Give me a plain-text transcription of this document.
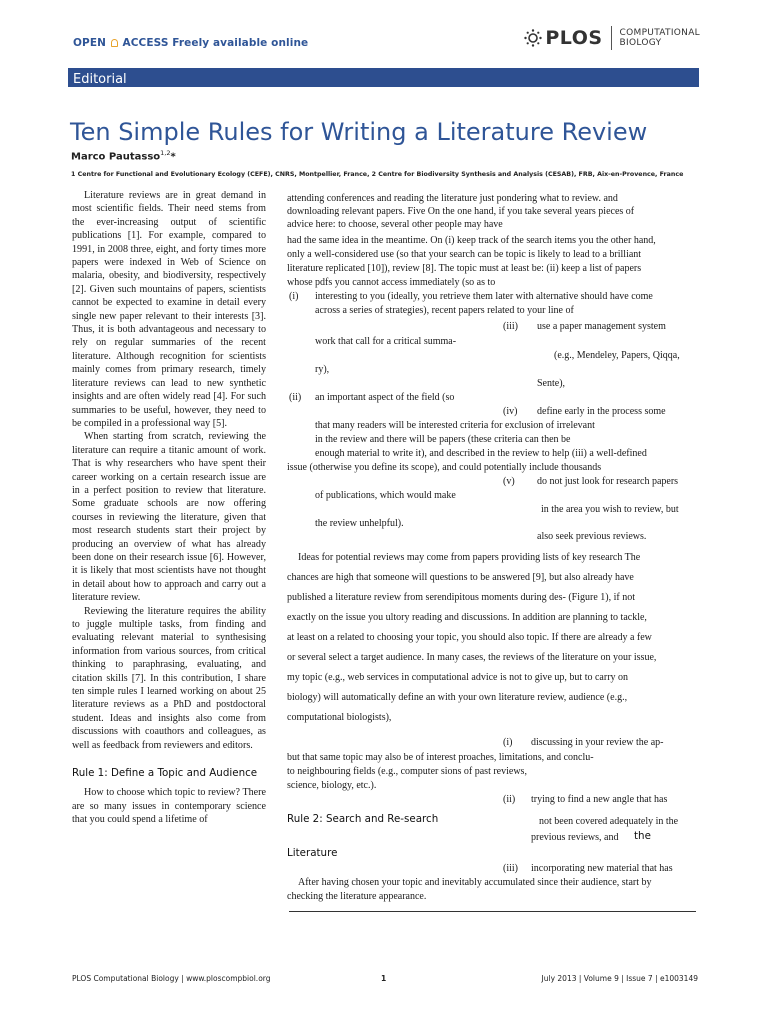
OPEN ACCESS Freely available online	PLOS COMPUTATIONAL
BIOLOGY
Editorial
Ten Simple Rules for Writing a Literature Review
Marco Pautasso$^{1,2}$*
1 Centre for Functional and Evolutionary Ecology (CEFE), CNRS, Montpellier, France, 2 Centre for Biodiversity Synthesis and Analysis (CESAB), FRB, Aix-en-Provence, France

Literature reviews are in great demand in most scientific fields. Their need stems from the ever-increasing output of scientific publications [1]. For example, compared to 1991, in 2008 three, eight, and forty times more papers were indexed in Web of Science on malaria, obesity, and biodiversity, respectively [2]. Given such mountains of papers, scientists cannot be expected to examine in detail every single new paper relevant to their interests [3]. Thus, it is both advantageous and necessary to rely on regular summaries of the recent literature. Although recognition for scientists mainly comes from primary research, timely literature reviews can lead to new synthetic insights and are often widely read [4]. For such summaries to be useful, however, they need to be compiled in a professional way [5].

When starting from scratch, reviewing the literature can require a titanic amount of work. That is why researchers who have spent their career working on a certain research issue are in a perfect position to review that literature. Some graduate schools are now offering courses in reviewing the literature, given that most research students start their project by producing an overview of what has already been done on their research issue [6]. However, it is likely that most scientists have not thought in detail about how to approach and carry out a literature review.

Reviewing the literature requires the ability to juggle multiple tasks, from finding and evaluating relevant material to synthesising information from various sources, from critical thinking to paraphrasing, evaluating, and citation skills [7]. In this contribution, I share ten simple rules I learned working on about 25 literature reviews as a PhD and postdoctoral student. Ideas and insights also come from discussions with coauthors and colleagues, as well as feedback from reviewers and editors.

Rule 1: Define a Topic and Audience

How to choose which topic to review? There are so many issues in contemporary science that you could spend a lifetime of

attending conferences and reading the literature just pondering what to review. and
downloading relevant papers. Five On the one hand, if you take several years pieces of
advice here: to choose, several other people may have
had the same idea in the meantime. On (i) keep track of the search items you the other hand,
only a well-considered use (so that your search can be topic is likely to lead to a brilliant
literature replicated [10]), review [8]. The topic must at least be: (ii) keep a list of papers
whose pdfs you cannot access immediately (so as to
(i) interesting to you (ideally, you retrieve them later with alternative should have come
across a series of strategies), recent papers related to your line of
(iii) use a paper management system
work that call for a critical summa-
(e.g., Mendeley, Papers, Qiqqa,
ry),
Sente),
(ii) an important aspect of the field (so
(iv) define early in the process some
that many readers will be interested criteria for exclusion of irrelevant
in the review and there will be papers (these criteria can then be
enough material to write it), and described in the review to help (iii) a well-defined
issue (otherwise you define its scope), and could potentially include thousands
(v) do not just look for research papers
of publications, which would make
in the area you wish to review, but
the review unhelpful).
also seek previous reviews.
Ideas for potential reviews may come from papers providing lists of key research The
chances are high that someone will questions to be answered [9], but also already have
published a literature review from serendipitous moments during des- (Figure 1), if not
exactly on the issue you ultory reading and discussions. In addition are planning to tackle,
at least on a related to choosing your topic, you should also topic. If there are already a few
or several select a target audience. In many cases, the reviews of the literature on your issue,
my topic (e.g., web services in computational advice is not to give up, but to carry on
biology) will automatically define an with your own literature review, audience (e.g.,
computational biologists),
(i) discussing in your review the ap-
but that same topic may also be of interest proaches, limitations, and conclu-
to neighbouring fields (e.g., computer sions of past reviews,
science, biology, etc.).
(ii) trying to find a new angle that has
Rule 2: Search and Re-search	not been covered adequately in the
previous reviews, and the
Literature
(iii) incorporating new material that has
After having chosen your topic and inevitably accumulated since their audience, start by
checking the literature appearance.
PLOS Computational Biology | www.ploscompbiol.org	1	July 2013 | Volume 9 | Issue 7 | e1003149
